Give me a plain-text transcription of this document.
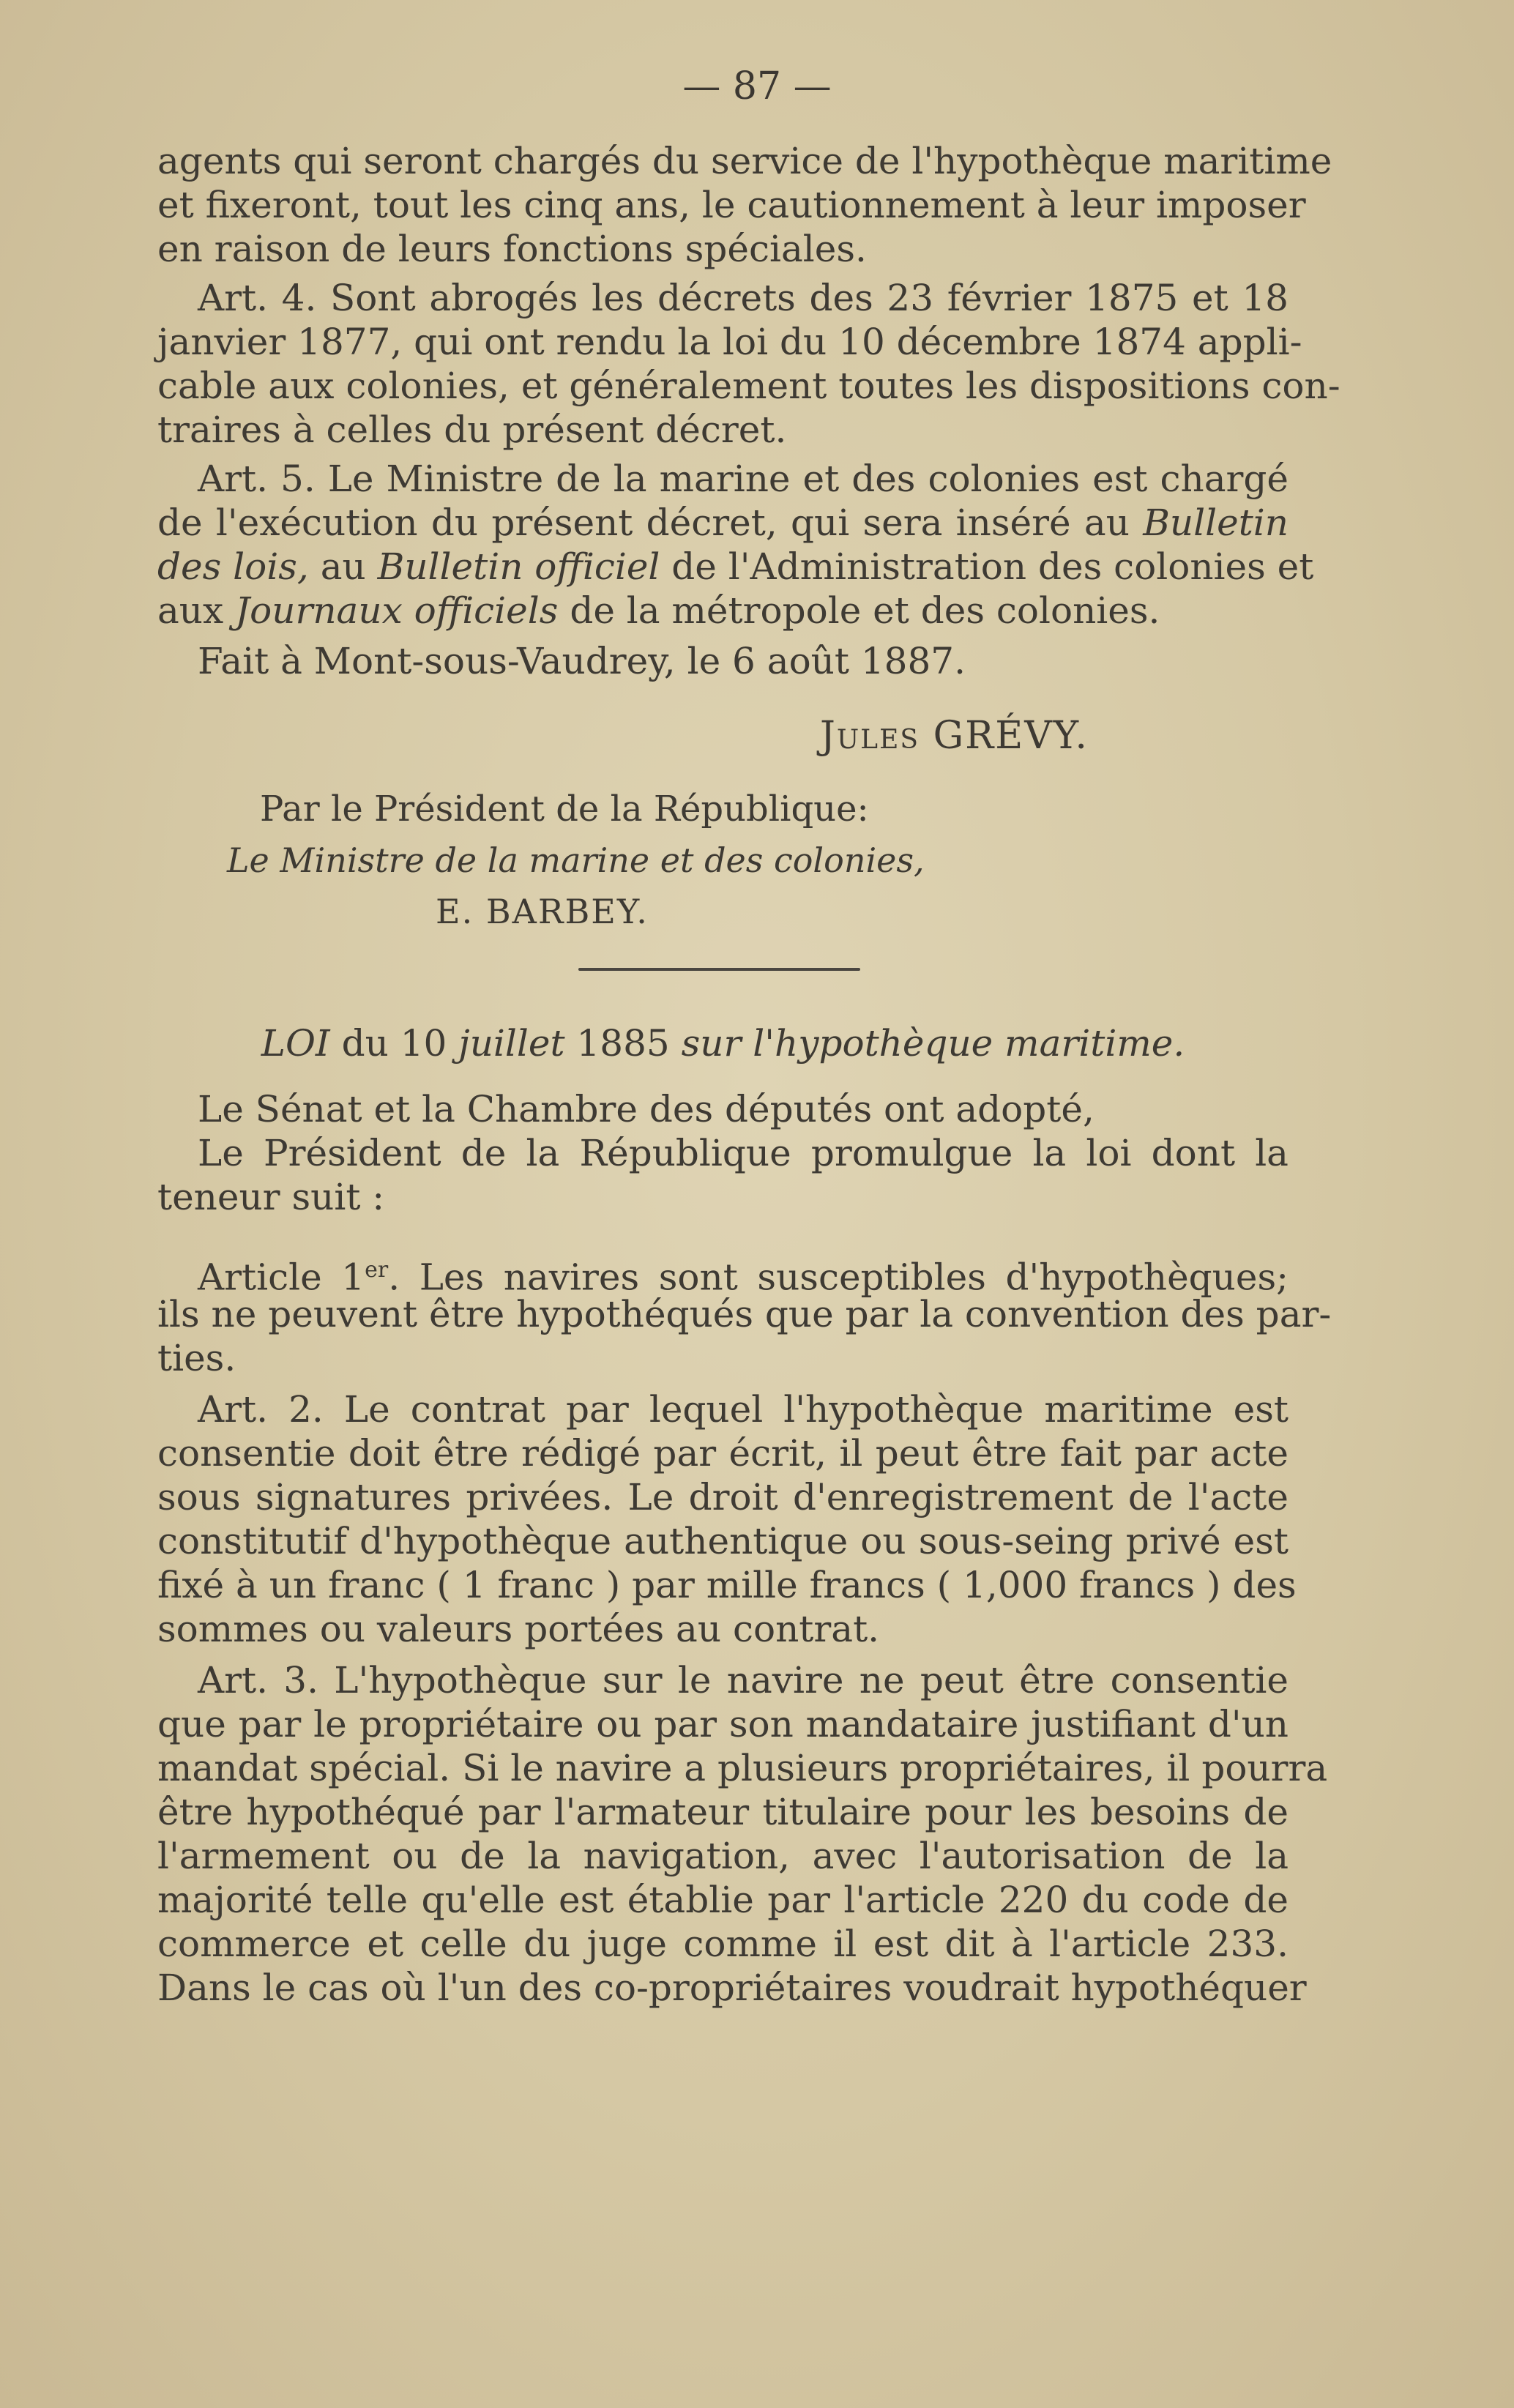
— 87 —
agents qui seront chargés du service de l'hypothèque maritime
et fixeront, tout les cinq ans, le cautionnement à leur imposer
en raison de leurs fonctions spéciales.
Art. 4. Sont abrogés les décrets des 23 février 1875 et 18
janvier 1877, qui ont rendu la loi du 10 décembre 1874 appli-
cable aux colonies, et généralement toutes les dispositions con-
traires à celles du présent décret.
Art. 5. Le Ministre de la marine et des colonies est chargé
de l'exécution du présent décret, qui sera inséré au Bulletin
des lois, au Bulletin officiel de l'Administration des colonies et
aux Journaux officiels de la métropole et des colonies.
Fait à Mont-sous-Vaudrey, le 6 août 1887.
Jules GRÉVY.
Par le Président de la République:
Le Ministre de la marine et des colonies,
E. BARBEY.
LOI du 10 juillet 1885 sur l'hypothèque maritime.
Le Sénat et la Chambre des députés ont adopté,
Le Président de la République promulgue la loi dont la
teneur suit :
Article 1er. Les navires sont susceptibles d'hypothèques;
ils ne peuvent être hypothéqués que par la convention des par-
ties.
Art. 2. Le contrat par lequel l'hypothèque maritime est
consentie doit être rédigé par écrit, il peut être fait par acte
sous signatures privées. Le droit d'enregistrement de l'acte
constitutif d'hypothèque authentique ou sous-seing privé est
fixé à un franc ( 1 franc ) par mille francs ( 1,000 francs ) des
sommes ou valeurs portées au contrat.
Art. 3. L'hypothèque sur le navire ne peut être consentie
que par le propriétaire ou par son mandataire justifiant d'un
mandat spécial. Si le navire a plusieurs propriétaires, il pourra
être hypothéqué par l'armateur titulaire pour les besoins de
l'armement ou de la navigation, avec l'autorisation de la
majorité telle qu'elle est établie par l'article 220 du code de
commerce et celle du juge comme il est dit à l'article 233.
Dans le cas où l'un des co-propriétaires voudrait hypothéquer
